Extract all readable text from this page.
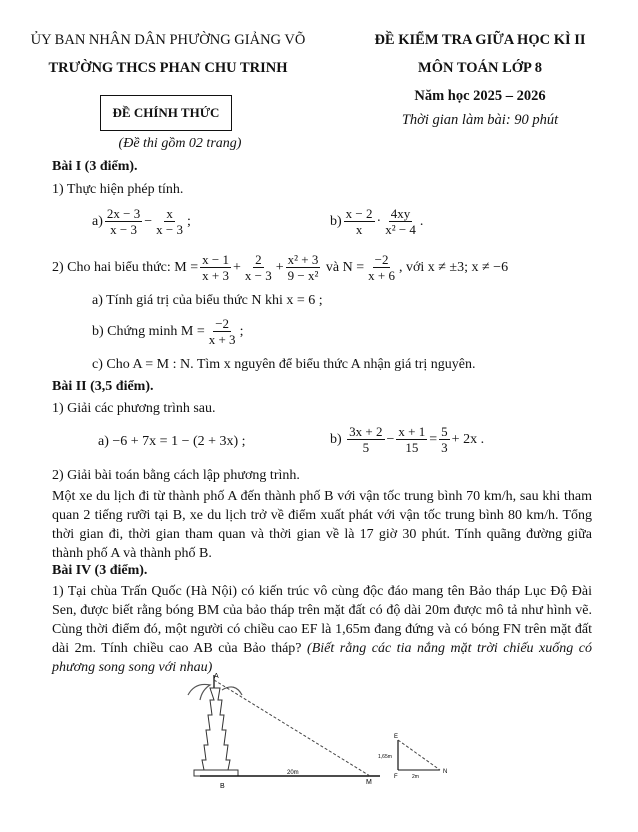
ỦY BAN NHÂN DÂN PHƯỜNG GIẢNG VÕ
TRƯỜNG THCS PHAN CHU TRINH
ĐỀ KIỂM TRA GIỮA HỌC KÌ II
MÔN TOÁN LỚP 8
Năm học 2025 – 2026
Thời gian làm bài: 90 phút
ĐỀ CHÍNH THỨC
(Đề thi gồm 02 trang)
Bài I (3 điểm).
1) Thực hiện phép tính.
$a) \frac{2x - 3}{x - 3} - \frac{x}{x - 3}$ ;	$b) \frac{x - 2}{x} \cdot \frac{4xy}{\text{x² − 4}}$ .
2) Cho hai biểu thức:
$M = \frac{x - 1}{x + 3} + \frac{2}{x - 3} + \frac{\text{x² + 3}}{\text{9 − x²}}$
và
$N = \frac{-2}{x + 6}$ , với x ≠ ±3; x ≠ −6
a) Tính giá trị của biểu thức N khi x = 6 ;
b) Chứng minh $M = \frac{-2}{x + 3}$ ;
c) Cho A = M : N. Tìm x nguyên để biểu thức A nhận giá trị nguyên.
Bài II (3,5 điểm).
1) Giải các phương trình sau.
a) −6 + 7x = 1 − (2 + 3x) ;	b)
$\frac{3x + 2}{5} - \frac{x + 1}{15} = \frac{5}{3} + 2x$ .
2) Giải bài toán bằng cách lập phương trình.
Một xe du lịch đi từ thành phố A đến thành phố B với vận tốc trung bình 70 km/h, sau khi tham quan 2 tiếng rưỡi tại B, xe du lịch trở về điểm xuất phát với vận tốc trung bình 80 km/h. Tổng thời gian đi, thời gian tham quan và thời gian về là 17 giờ 30 phút. Tính quãng đường giữa thành phố A và thành phố B.
Bài IV (3 điểm).
1) Tại chùa Trấn Quốc (Hà Nội) có kiến trúc vô cùng độc đáo mang tên Bảo tháp Lục Độ Đài Sen, được biết rằng bóng BM của bảo tháp trên mặt đất có độ dài 20m được mô tả như hình vẽ. Cùng thời điểm đó, một người có chiều cao EF là 1,65m đang đứng và có bóng FN trên mặt đất dài 2m. Tính chiều cao AB của Bảo tháp? (Biết rằng các tia nắng mặt trời chiếu xuống có phương song song với nhau)
B
A
20m
M
E
F
N
1,65m
2m
